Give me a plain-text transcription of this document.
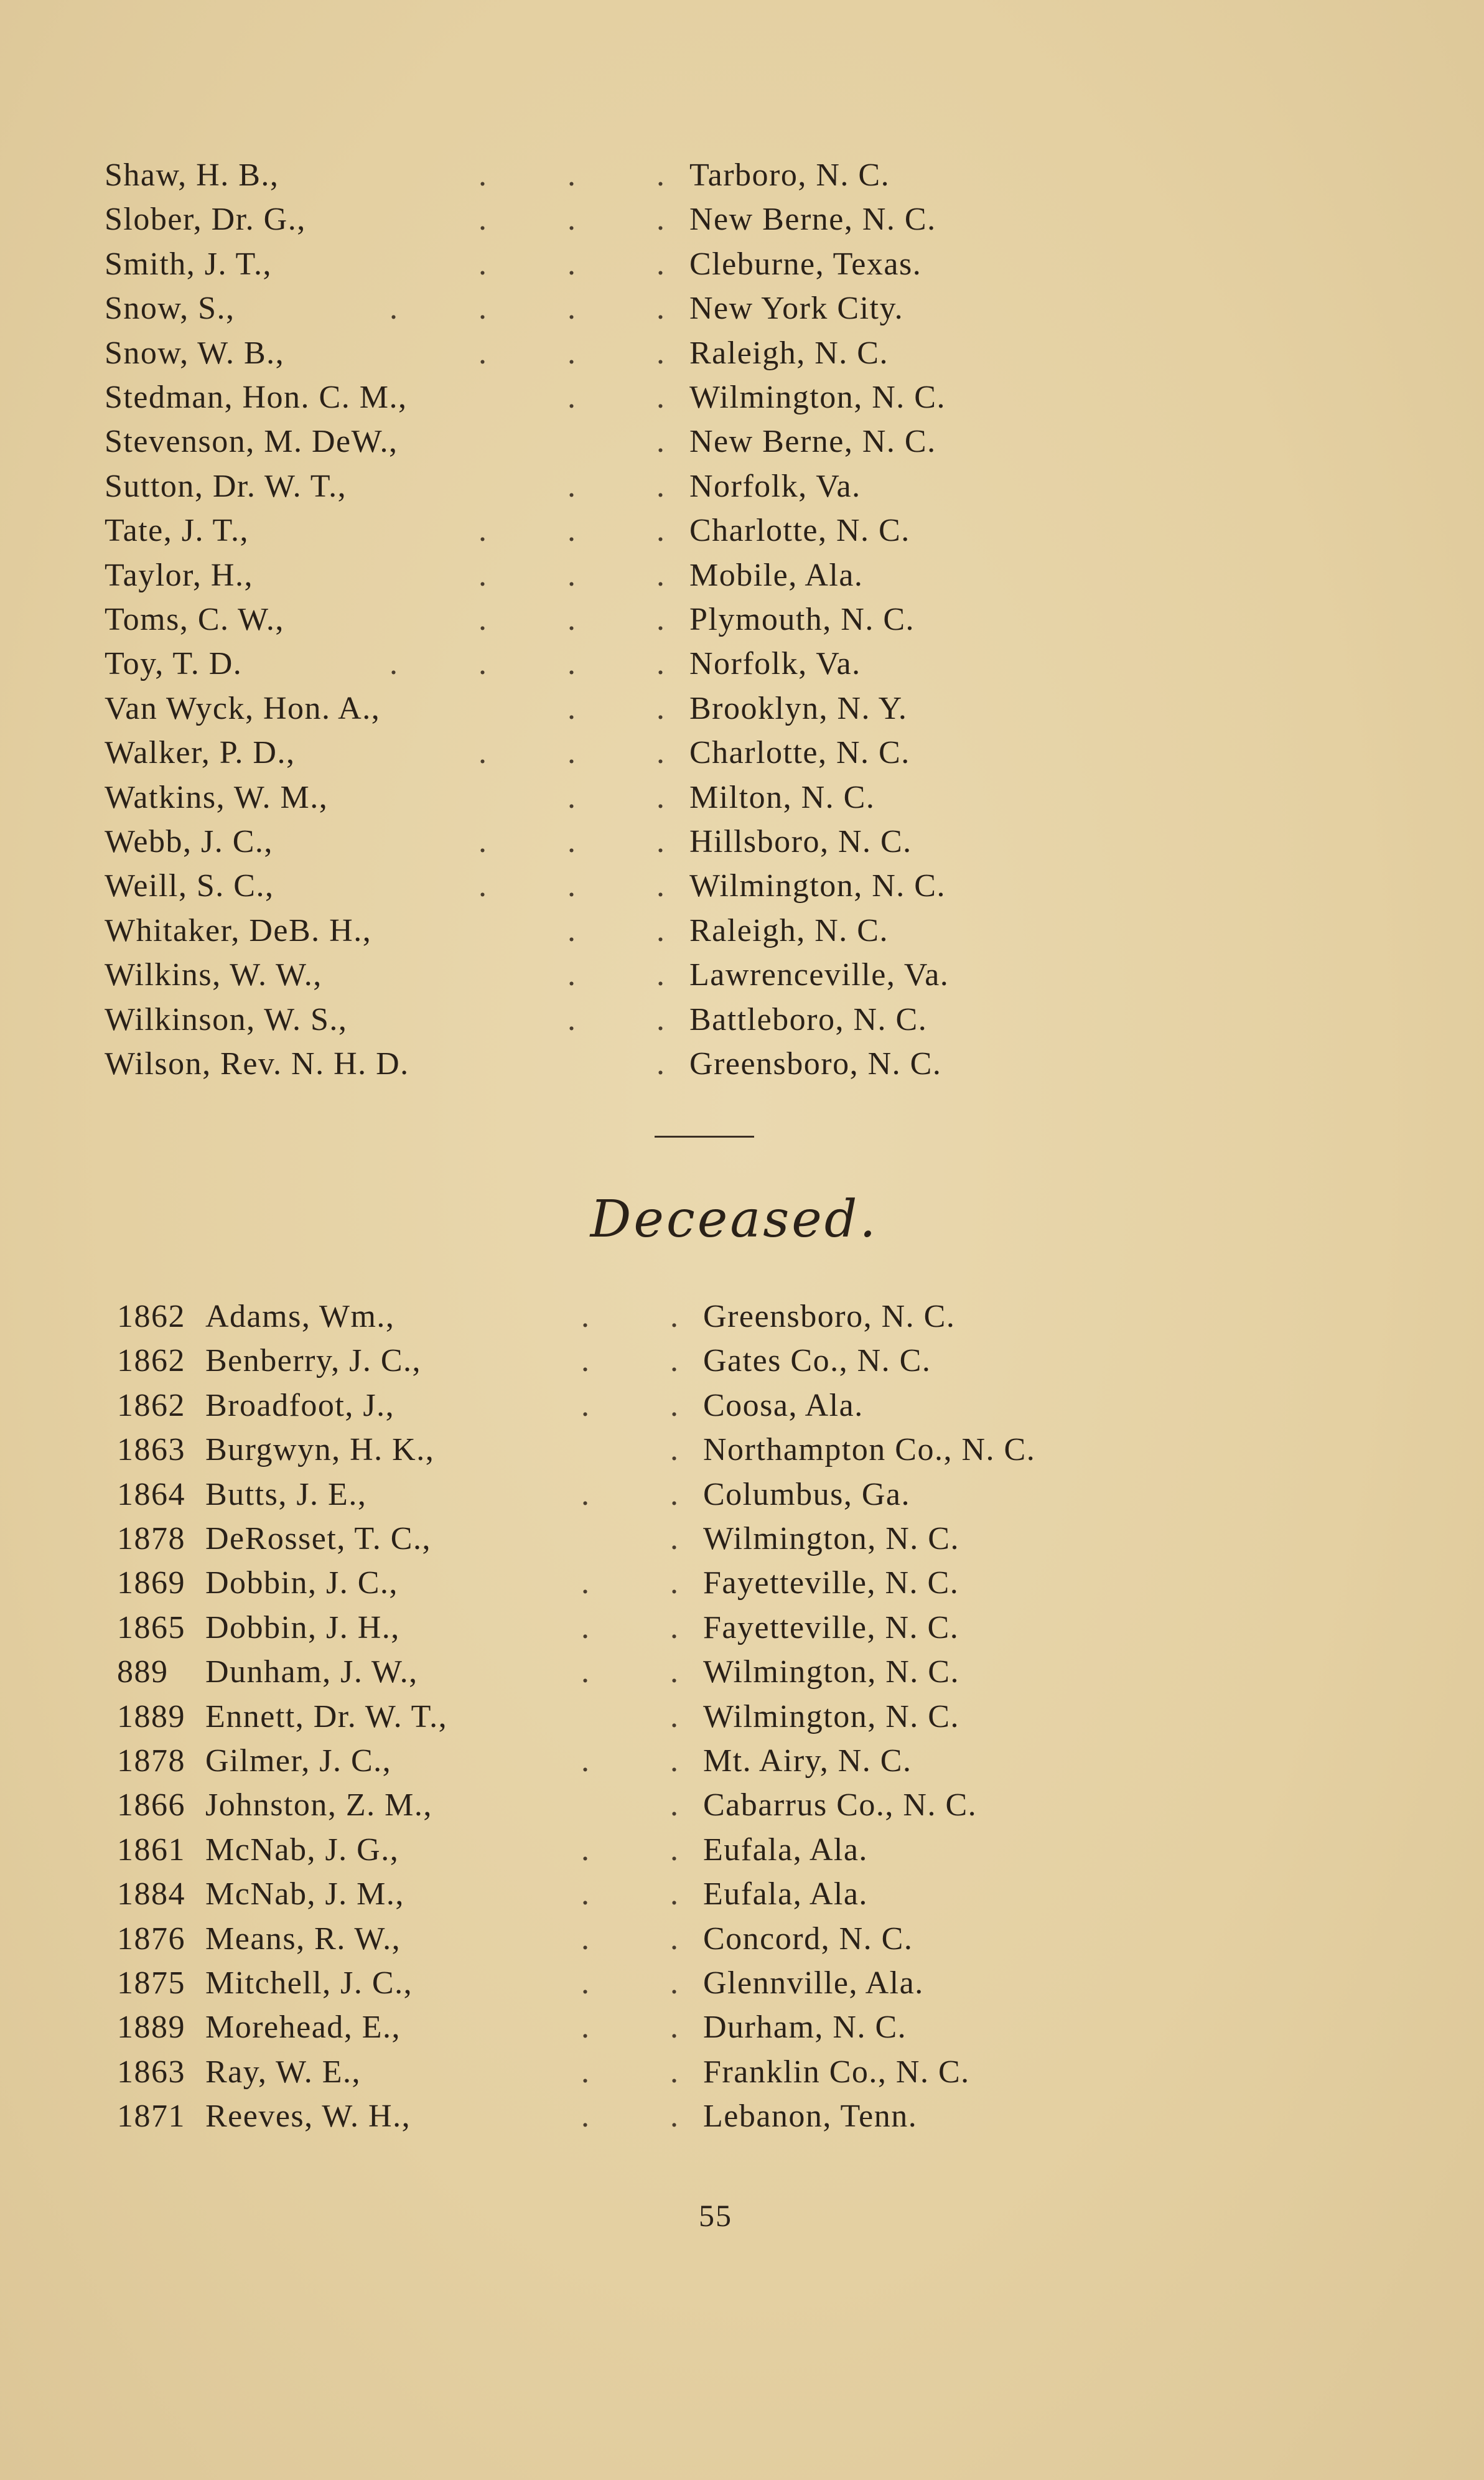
Shaw, H. B.,	.          .          . Tarboro, N. C.
Slober, Dr. G.,	.          .          . New Berne, N. C.
Smith, J. T.,	.          .          . Cleburne, Texas.
Snow, S.,	.          .          .          . New York City.
Snow, W. B.,	.          .          . Raleigh, N. C.
Stedman, Hon. C. M., .          . Wilmington, N. C.
Stevenson, M. DeW., . New Berne, N. C.
Sutton, Dr. W. T.,	.          . Norfolk, Va.
Tate, J. T.,	.          .          . Charlotte, N. C.
Taylor, H.,	.          .          . Mobile, Ala.
Toms, C. W.,	.          .          . Plymouth, N. C.
Toy, T. D.	.          .          .          . Norfolk, Va.
Van Wyck, Hon. A.,	.          . Brooklyn, N. Y.
Walker, P. D.,	.          .          . Charlotte, N. C.
Watkins, W. M.,	.          . Milton, N. C.
Webb, J. C.,	.          .          . Hillsboro, N. C.
Weill, S. C.,	.          .          . Wilmington, N. C.
Whitaker, DeB. H.,	.          . Raleigh, N. C.
Wilkins, W. W.,	.          . Lawrenceville, Va.
Wilkinson, W. S.,	.          . Battleboro, N. C.
Wilson, Rev. N. H. D. . Greensboro, N. C.
Deceased.
1862 Adams, Wm.,	.          . Greensboro, N. C.
1862 Benberry, J. C.,	.          . Gates Co., N. C.
1862 Broadfoot, J.,	.          . Coosa, Ala.
1863 Burgwyn, H. K., . Northampton Co., N. C.
1864 Butts, J. E.,	.          . Columbus, Ga.
1878 DeRosset, T. C., . Wilmington, N. C.
1869 Dobbin, J. C.,	.          . Fayetteville, N. C.
1865 Dobbin, J. H.,	.          . Fayetteville, N. C.
889 Dunham, J. W.,	.          . Wilmington, N. C.
1889 Ennett, Dr. W. T., . Wilmington, N. C.
1878 Gilmer, J. C.,	.          . Mt. Airy, N. C.
1866 Johnston, Z. M., . Cabarrus Co., N. C.
1861 McNab, J. G.,	.          . Eufala, Ala.
1884 McNab, J. M.,	.          . Eufala, Ala.
1876 Means, R. W.,	.          . Concord, N. C.
1875 Mitchell, J. C.,	.          . Glennville, Ala.
1889 Morehead, E.,	.          . Durham, N. C.
1863 Ray, W. E.,	.          . Franklin Co., N. C.
1871 Reeves, W. H.,	.          . Lebanon, Tenn.
55
